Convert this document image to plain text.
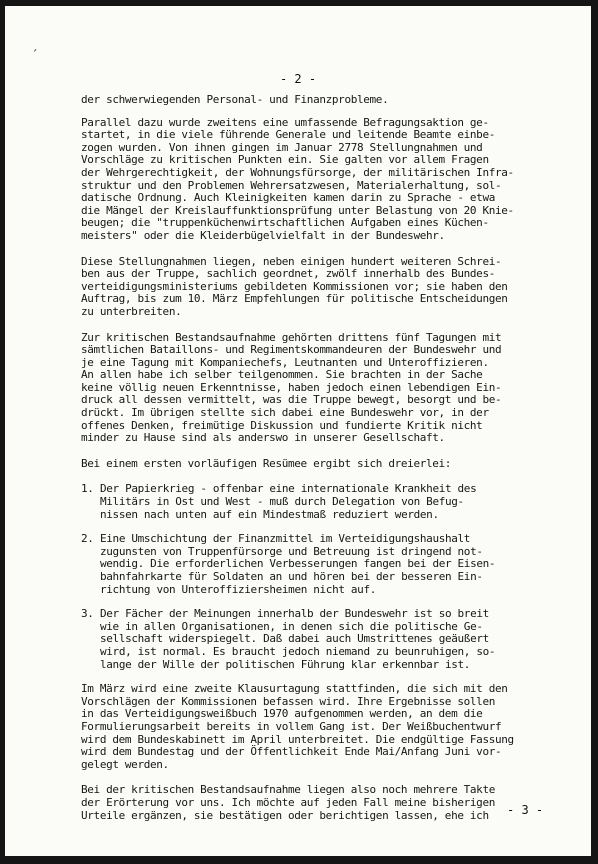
´
- 2 -

der schwerwiegenden Personal- und Finanzprobleme.

Parallel dazu wurde zweitens eine umfassende Befragungsaktion ge-
startet, in die viele führende Generale und leitende Beamte einbe-
zogen wurden. Von ihnen gingen im Januar 2778 Stellungnahmen und
Vorschläge zu kritischen Punkten ein. Sie galten vor allem Fragen
der Wehrgerechtigkeit, der Wohnungsfürsorge, der militärischen Infra-
struktur und den Problemen Wehrersatzwesen, Materialerhaltung, sol-
datische Ordnung. Auch Kleinigkeiten kamen darin zu Sprache - etwa
die Mängel der Kreislauffunktionsprüfung unter Belastung von 20 Knie-
beugen; die "truppenküchenwirtschaftlichen Aufgaben eines Küchen-
meisters" oder die Kleiderbügelvielfalt in der Bundeswehr.

Diese Stellungnahmen liegen, neben einigen hundert weiteren Schrei-
ben aus der Truppe, sachlich geordnet, zwölf innerhalb des Bundes-
verteidigungsministeriums gebildeten Kommissionen vor; sie haben den
Auftrag, bis zum 10. März Empfehlungen für politische Entscheidungen
zu unterbreiten.

Zur kritischen Bestandsaufnahme gehörten drittens fünf Tagungen mit
sämtlichen Bataillons- und Regimentskommandeuren der Bundeswehr und
je eine Tagung mit Kompaniechefs, Leutnanten und Unteroffizieren.
An allen habe ich selber teilgenommen. Sie brachten in der Sache
keine völlig neuen Erkenntnisse, haben jedoch einen lebendigen Ein-
druck all dessen vermittelt, was die Truppe bewegt, besorgt und be-
drückt. Im übrigen stellte sich dabei eine Bundeswehr vor, in der
offenes Denken, freimütige Diskussion und fundierte Kritik nicht
minder zu Hause sind als anderswo in unserer Gesellschaft.

Bei einem ersten vorläufigen Resümee ergibt sich dreierlei:

1. Der Papierkrieg - offenbar eine internationale Krankheit des
Militärs in Ost und West - muß durch Delegation von Befug-
nissen nach unten auf ein Mindestmaß reduziert werden.
2. Eine Umschichtung der Finanzmittel im Verteidigungshaushalt
zugunsten von Truppenfürsorge und Betreuung ist dringend not-
wendig. Die erforderlichen Verbesserungen fangen bei der Eisen-
bahnfahrkarte für Soldaten an und hören bei der besseren Ein-
richtung von Unteroffiziersheimen nicht auf.
3. Der Fächer der Meinungen innerhalb der Bundeswehr ist so breit
wie in allen Organisationen, in denen sich die politische Ge-
sellschaft widerspiegelt. Daß dabei auch Umstrittenes geäußert
wird, ist normal. Es braucht jedoch niemand zu beunruhigen, so-
lange der Wille der politischen Führung klar erkennbar ist.

Im März wird eine zweite Klausurtagung stattfinden, die sich mit den
Vorschlägen der Kommissionen befassen wird. Ihre Ergebnisse sollen
in das Verteidigungsweißbuch 1970 aufgenommen werden, an dem die
Formulierungsarbeit bereits in vollem Gang ist. Der Weißbuchentwurf
wird dem Bundeskabinett im April unterbreitet. Die endgültige Fassung
wird dem Bundestag und der Öffentlichkeit Ende Mai/Anfang Juni vor-
gelegt werden.

Bei der kritischen Bestandsaufnahme liegen also noch mehrere Takte
der Erörterung vor uns. Ich möchte auf jeden Fall meine bisherigen
Urteile ergänzen, sie bestätigen oder berichtigen lassen, ehe ich	- 3 -
